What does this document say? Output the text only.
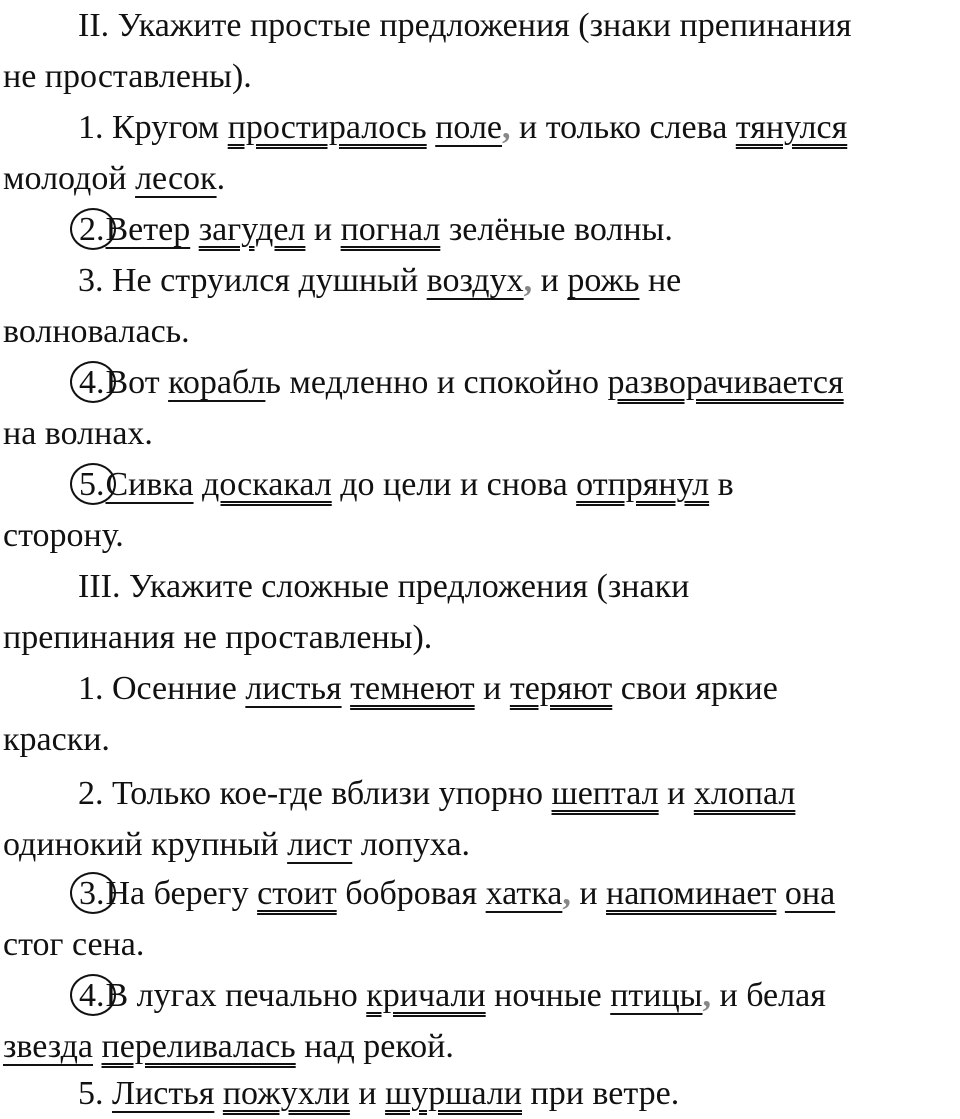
II. Укажите простые предложения (знаки препинания
не проставлены).
1. Кругом простиралось поле, и только слева тянулся
молодой лесок.
2.Ветер загудел и погнал зелёные волны.
3. Не струился душный воздух, и рожь не
волновалась.
4.Вот корабль медленно и спокойно разворачивается
на волнах.
5.Сивка доскакал до цели и снова отпрянул в
сторону.
III. Укажите сложные предложения (знаки
препинания не проставлены).
1. Осенние листья темнеют и теряют свои яркие
краски.
2. Только кое-где вблизи упорно шептал и хлопал
одинокий крупный лист лопуха.
3.На берегу стоит бобровая хатка, и напоминает она
стог сена.
4.В лугах печально кричали ночные птицы, и белая
звезда переливалась над рекой.
5. Листья пожухли и шуршали при ветре.
